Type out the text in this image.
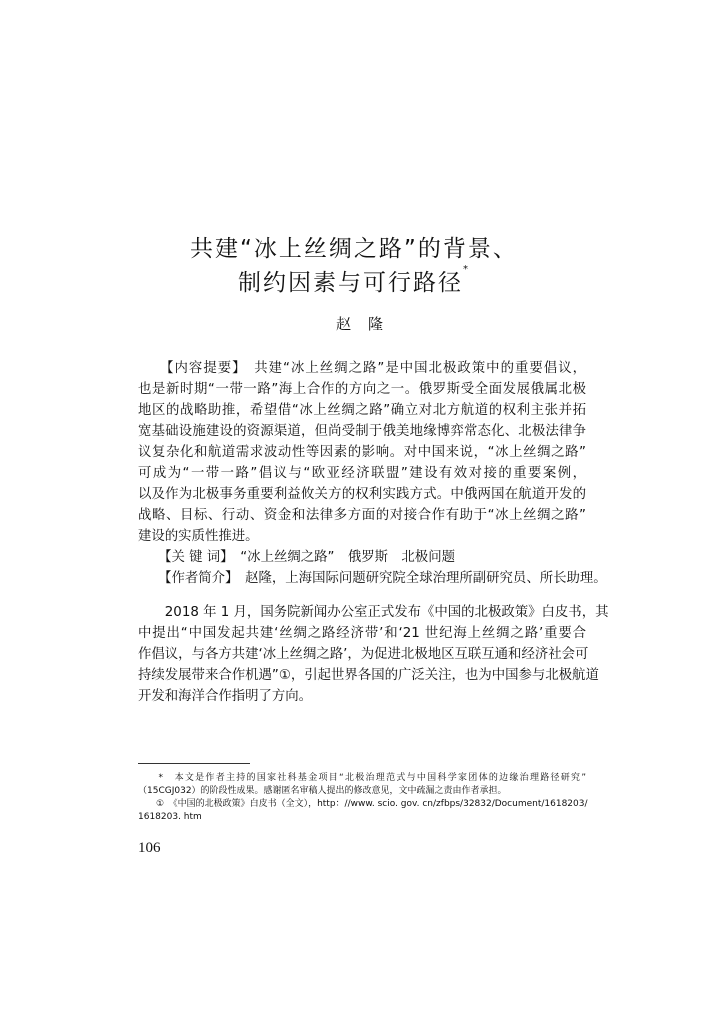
共建“冰上丝绸之路”的背景、
制约因素与可行路径*
赵　隆
　　【内容提要】　共建“冰上丝绸之路”是中国北极政策中的重要倡议，
也是新时期“一带一路”海上合作的方向之一。俄罗斯受全面发展俄属北极
地区的战略助推，希望借“冰上丝绸之路”确立对北方航道的权利主张并拓
宽基础设施建设的资源渠道，但尚受制于俄美地缘博弈常态化、北极法律争
议复杂化和航道需求波动性等因素的影响。对中国来说，“冰上丝绸之路”
可成为“一带一路”倡议与“欧亚经济联盟”建设有效对接的重要案例，
以及作为北极事务重要利益攸关方的权利实践方式。中俄两国在航道开发的
战略、目标、行动、资金和法律多方面的对接合作有助于“冰上丝绸之路”
建设的实质性推进。
　　【关 键 词】　“冰上丝绸之路”　俄罗斯　北极问题
　　【作者简介】　赵隆，上海国际问题研究院全球治理所副研究员、所长助理。
　　2018 年 1 月，国务院新闻办公室正式发布《中国的北极政策》白皮书，其
中提出“中国发起共建‘丝绸之路经济带’和‘21 世纪海上丝绸之路’重要合
作倡议，与各方共建‘冰上丝绸之路’，为促进北极地区互联互通和经济社会可
持续发展带来合作机遇”①，引起世界各国的广泛关注，也为中国参与北极航道
开发和海洋合作指明了方向。
　　*　本文是作者主持的国家社科基金项目“北极治理范式与中国科学家团体的边缘治理路径研究”
（15CGJ032）的阶段性成果。感谢匿名审稿人提出的修改意见，文中疏漏之责由作者承担。
　　①　《中国的北极政策》白皮书（全文），http：//www. scio. gov. cn/zfbps/32832/Document/1618203/
1618203. htm
106
